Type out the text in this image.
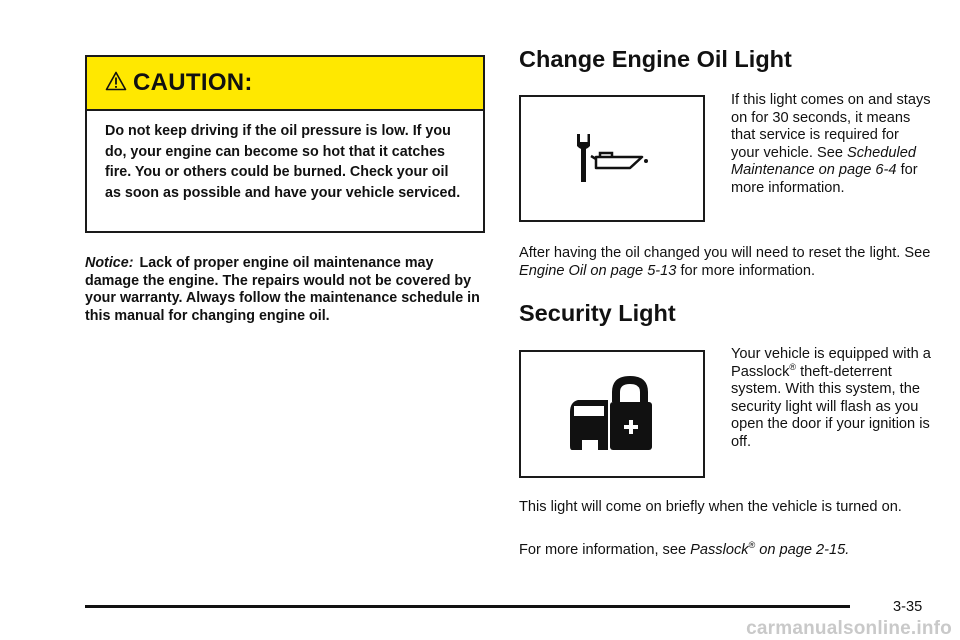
CAUTION:
Do not keep driving if the oil pressure is low. If you do, your engine can become so hot that it catches fire. You or others could be burned. Check your oil as soon as possible and have your vehicle serviced.
Notice: Lack of proper engine oil maintenance may damage the engine. The repairs would not be covered by your warranty. Always follow the maintenance schedule in this manual for changing engine oil.
Change Engine Oil Light
If this light comes on and stays on for 30 seconds, it means that service is required for your vehicle. See Scheduled Maintenance on page 6-4 for more information.
After having the oil changed you will need to reset the light. See Engine Oil on page 5-13 for more information.
Security Light
Your vehicle is equipped with a Passlock® theft-deterrent system. With this system, the security light will flash as you open the door if your ignition is off.
This light will come on briefly when the vehicle is turned on.
For more information, see Passlock® on page 2-15.
3-35
carmanualsonline.info
